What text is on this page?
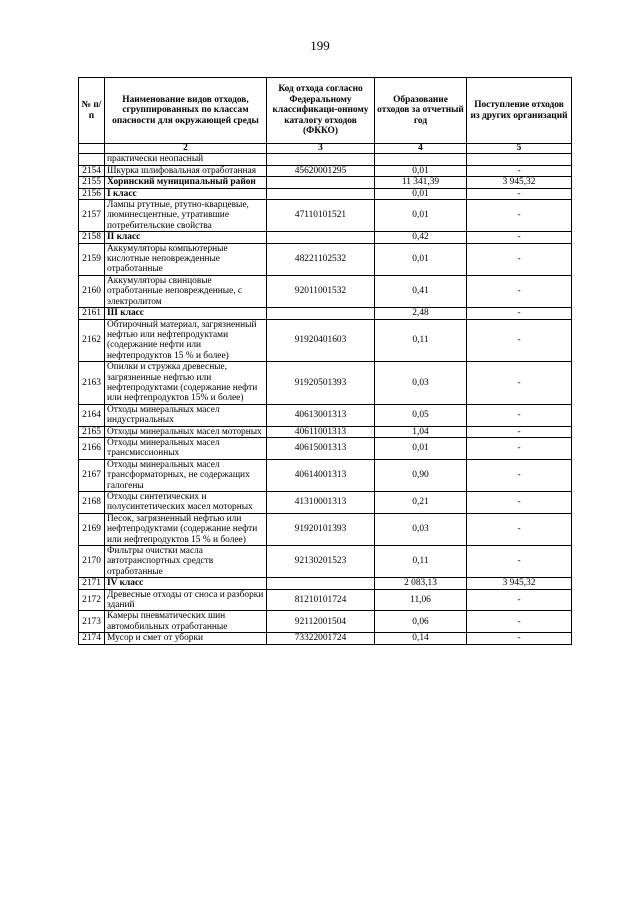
199
№ п/п	Наименование видов отходов, сгруппированных по классам опасности для окружающей среды	Код отхода согласно Федеральному классификаци-онному каталогу отходов (ФККО)	Образование отходов за отчетный год	Поступление отходов из других организаций
	2	3	4	5
	практически неопасный			
2154	Шкурка шлифовальная отработанная	45620001295	0,01	-
2155	Хоринский муниципальный район		11 341,39	3 945,32
2156	I класс		0,01	-
2157	Лампы ртутные, ртутно-кварцевые, люминесцентные, утратившие потребительские свойства	47110101521	0,01	-
2158	II класс		0,42	-
2159	Аккумуляторы компьютерные кислотные неповрежденные отработанные	48221102532	0,01	-
2160	Аккумуляторы свинцовые отработанные неповрежденные, с электролитом	92011001532	0,41	-
2161	III класс		2,48	-
2162	Обтирочный материал, загрязненный нефтью или нефтепродуктами (содержание нефти или нефтепродуктов 15 % и более)	91920401603	0,11	-
2163	Опилки и стружка древесные, загрязненные нефтью или нефтепродуктами (содержание нефти или нефтепродуктов 15% и более)	91920501393	0,03	-
2164	Отходы минеральных масел индустриальных	40613001313	0,05	-
2165	Отходы минеральных масел моторных	40611001313	1,04	-
2166	Отходы минеральных масел трансмиссионных	40615001313	0,01	-
2167	Отходы минеральных масел трансформаторных, не содержащих галогены	40614001313	0,90	-
2168	Отходы синтетических и полусинтетических масел моторных	41310001313	0,21	-
2169	Песок, загрязненный нефтью или нефтепродуктами (содержание нефти или нефтепродуктов 15 % и более)	91920101393	0,03	-
2170	Фильтры очистки масла автотранспортных средств отработанные	92130201523	0,11	-
2171	IV класс		2 083,13	3 945,32
2172	Древесные отходы от сноса и разборки зданий	81210101724	11,06	-
2173	Камеры пневматических шин автомобильных отработанные	92112001504	0,06	-
2174	Мусор и смет от уборки	73322001724	0,14	-
